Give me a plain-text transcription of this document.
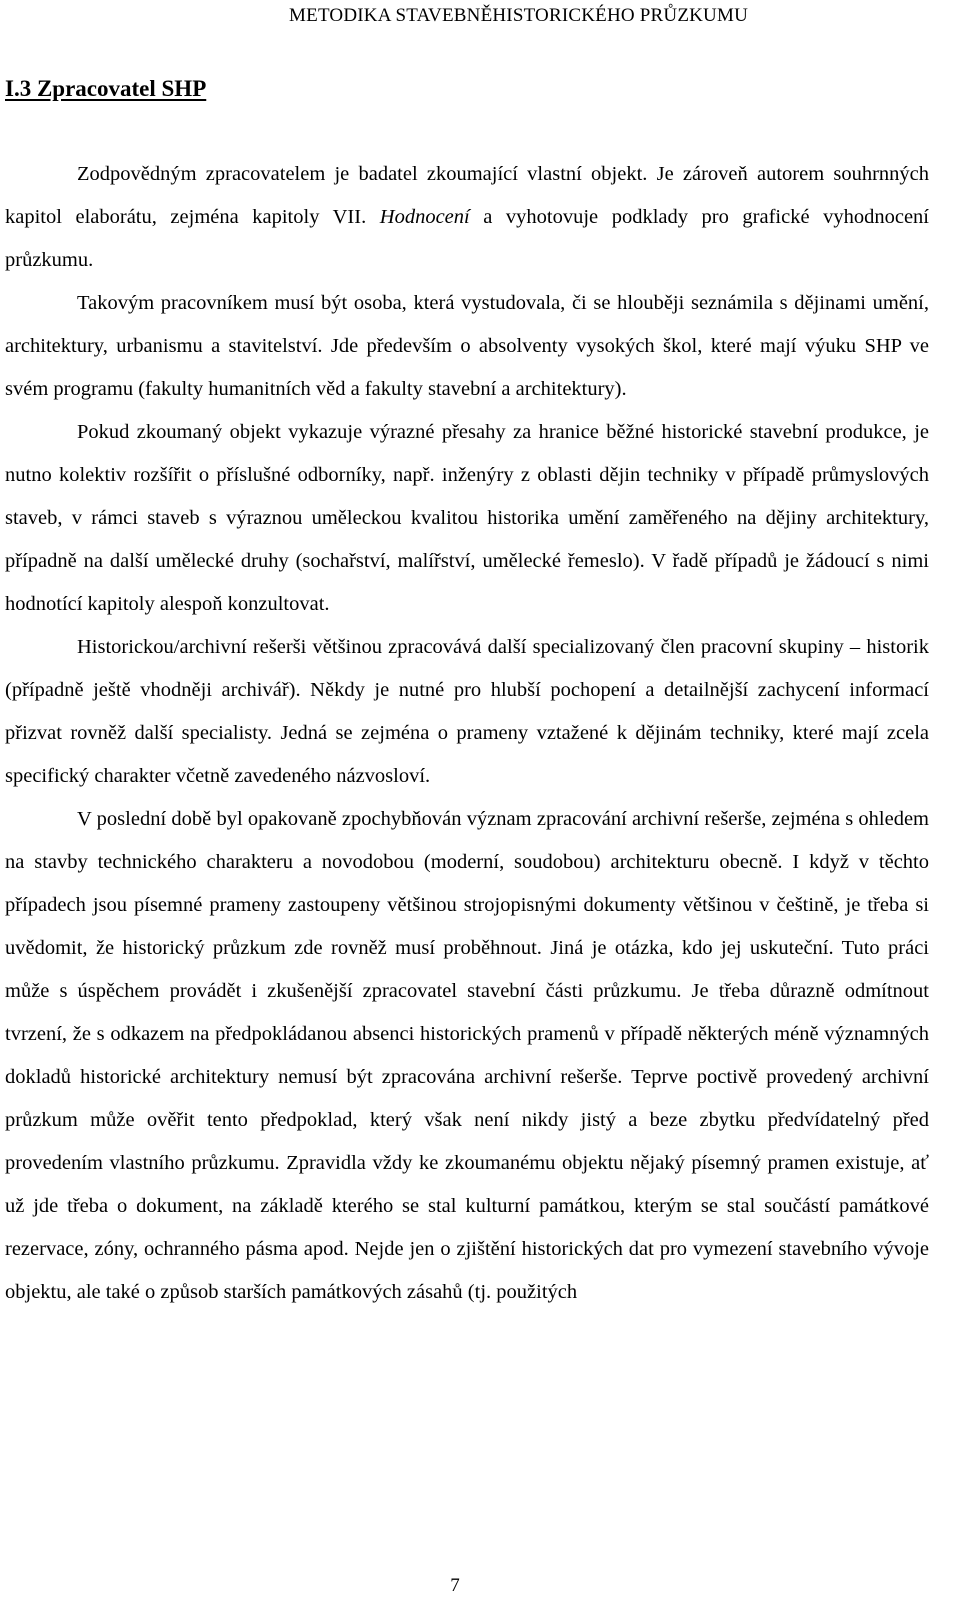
METODIKA STAVEBNĚHISTORICKÉHO PRŮZKUMU
I.3 Zpracovatel SHP

Zodpovědným zpracovatelem je badatel zkoumající vlastní objekt. Je zároveň autorem souhrnných kapitol elaborátu, zejména kapitoly VII. Hodnocení a vyhotovuje podklady pro grafické vyhodnocení průzkumu.

Takovým pracovníkem musí být osoba, která vystudovala, či se hlouběji seznámila s dějinami umění, architektury, urbanismu a stavitelství. Jde především o absolventy vysokých škol, které mají výuku SHP ve svém programu (fakulty humanitních věd a fakulty stavební a architektury).

Pokud zkoumaný objekt vykazuje výrazné přesahy za hranice běžné historické stavební produkce, je nutno kolektiv rozšířit o příslušné odborníky, např. inženýry z oblasti dějin techniky v případě průmyslových staveb, v rámci staveb s výraznou uměleckou kvalitou historika umění zaměřeného na dějiny architektury, případně na další umělecké druhy (sochařství, malířství, umělecké řemeslo). V řadě případů je žádoucí s nimi hodnotící kapitoly alespoň konzultovat.

Historickou/archivní rešerši většinou zpracovává další specializovaný člen pracovní skupiny – historik (případně ještě vhodněji archivář). Někdy je nutné pro hlubší pochopení a detailnější zachycení informací přizvat rovněž další specialisty. Jedná se zejména o prameny vztažené k dějinám techniky, které mají zcela specifický charakter včetně zavedeného názvosloví.

V poslední době byl opakovaně zpochybňován význam zpracování archivní rešerše, zejména s ohledem na stavby technického charakteru a novodobou (moderní, soudobou) architekturu obecně. I když v těchto případech jsou písemné prameny zastoupeny většinou strojopisnými dokumenty většinou v češtině, je třeba si uvědomit, že historický průzkum zde rovněž musí proběhnout. Jiná je otázka, kdo jej uskuteční. Tuto práci může s úspěchem provádět i zkušenější zpracovatel stavební části průzkumu. Je třeba důrazně odmítnout tvrzení, že s odkazem na předpokládanou absenci historických pramenů v případě některých méně významných dokladů historické architektury nemusí být zpracována archivní rešerše. Teprve poctivě provedený archivní průzkum může ověřit tento předpoklad, který však není nikdy jistý a beze zbytku předvídatelný před provedením vlastního průzkumu. Zpravidla vždy ke zkoumanému objektu nějaký písemný pramen existuje, ať už jde třeba o dokument, na základě kterého se stal kulturní památkou, kterým se stal součástí památkové rezervace, zóny, ochranného pásma apod. Nejde jen o zjištění historických dat pro vymezení stavebního vývoje objektu, ale také o způsob starších památkových zásahů (tj. použitých

7
